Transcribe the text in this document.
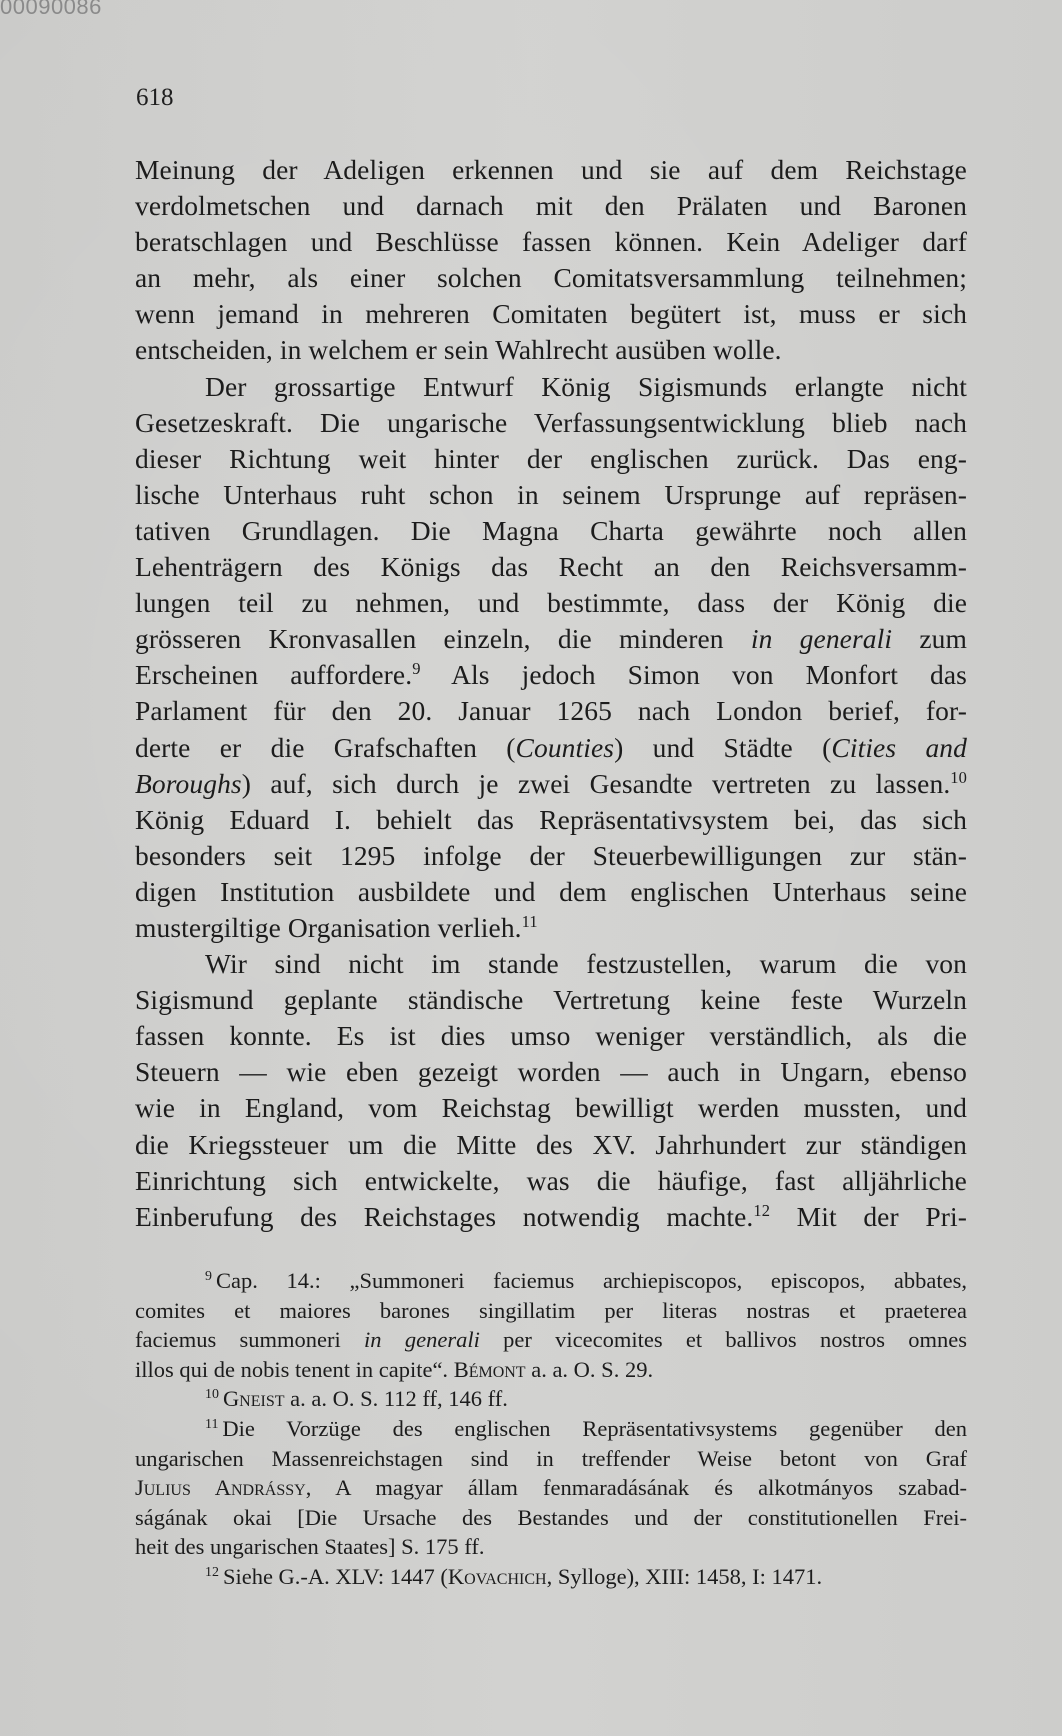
00090086
618
Meinung der Adeligen erkennen und sie auf dem Reichstage
verdolmetschen und darnach mit den Prälaten und Baronen
beratschlagen und Beschlüsse fassen können. Kein Adeliger darf
an mehr, als einer solchen Comitatsversammlung teilnehmen;
wenn jemand in mehreren Comitaten begütert ist, muss er sich
entscheiden, in welchem er sein Wahlrecht ausüben wolle.
Der grossartige Entwurf König Sigismunds erlangte nicht
Gesetzeskraft. Die ungarische Verfassungsentwicklung blieb nach
dieser Richtung weit hinter der englischen zurück. Das eng-
lische Unterhaus ruht schon in seinem Ursprunge auf repräsen-
tativen Grundlagen. Die Magna Charta gewährte noch allen
Lehenträgern des Königs das Recht an den Reichsversamm-
lungen teil zu nehmen, und bestimmte, dass der König die
grösseren Kronvasallen einzeln, die minderen in generali zum
Erscheinen auffordere.$^9$ Als jedoch Simon von Monfort das
Parlament für den 20. Januar 1265 nach London berief, for-
derte er die Grafschaften (Counties) und Städte (Cities and
Boroughs) auf, sich durch je zwei Gesandte vertreten zu lassen.$^{10}$
König Eduard I. behielt das Repräsentativsystem bei, das sich
besonders seit 1295 infolge der Steuerbewilligungen zur stän-
digen Institution ausbildete und dem englischen Unterhaus seine
mustergiltige Organisation verlieh.$^{11}$
Wir sind nicht im stande festzustellen, warum die von
Sigismund geplante ständische Vertretung keine feste Wurzeln
fassen konnte. Es ist dies umso weniger verständlich, als die
Steuern — wie eben gezeigt worden — auch in Ungarn, ebenso
wie in England, vom Reichstag bewilligt werden mussten, und
die Kriegssteuer um die Mitte des XV. Jahrhundert zur ständigen
Einrichtung sich entwickelte, was die häufige, fast alljährliche
Einberufung des Reichstages notwendig machte.$^{12}$ Mit der Pri-
$^9$ Cap. 14.: „Summoneri faciemus archiepiscopos, episcopos, abbates,
comites et maiores barones singillatim per literas nostras et praeterea
faciemus summoneri in generali per vicecomites et ballivos nostros omnes
illos qui de nobis tenent in capite“. Bémont a. a. O. S. 29.
$^{10}$ Gneist a. a. O. S. 112 ff, 146 ff.
$^{11}$ Die Vorzüge des englischen Repräsentativsystems gegenüber den
ungarischen Massenreichstagen sind in treffender Weise betont von Graf
Julius Andrássy, A magyar állam fenmaradásának és alkotmányos szabad-
ságának okai [Die Ursache des Bestandes und der constitutionellen Frei-
heit des ungarischen Staates] S. 175 ff.
$^{12}$ Siehe G.-A. XLV: 1447 (Kovachich, Sylloge), XIII: 1458, I: 1471.
